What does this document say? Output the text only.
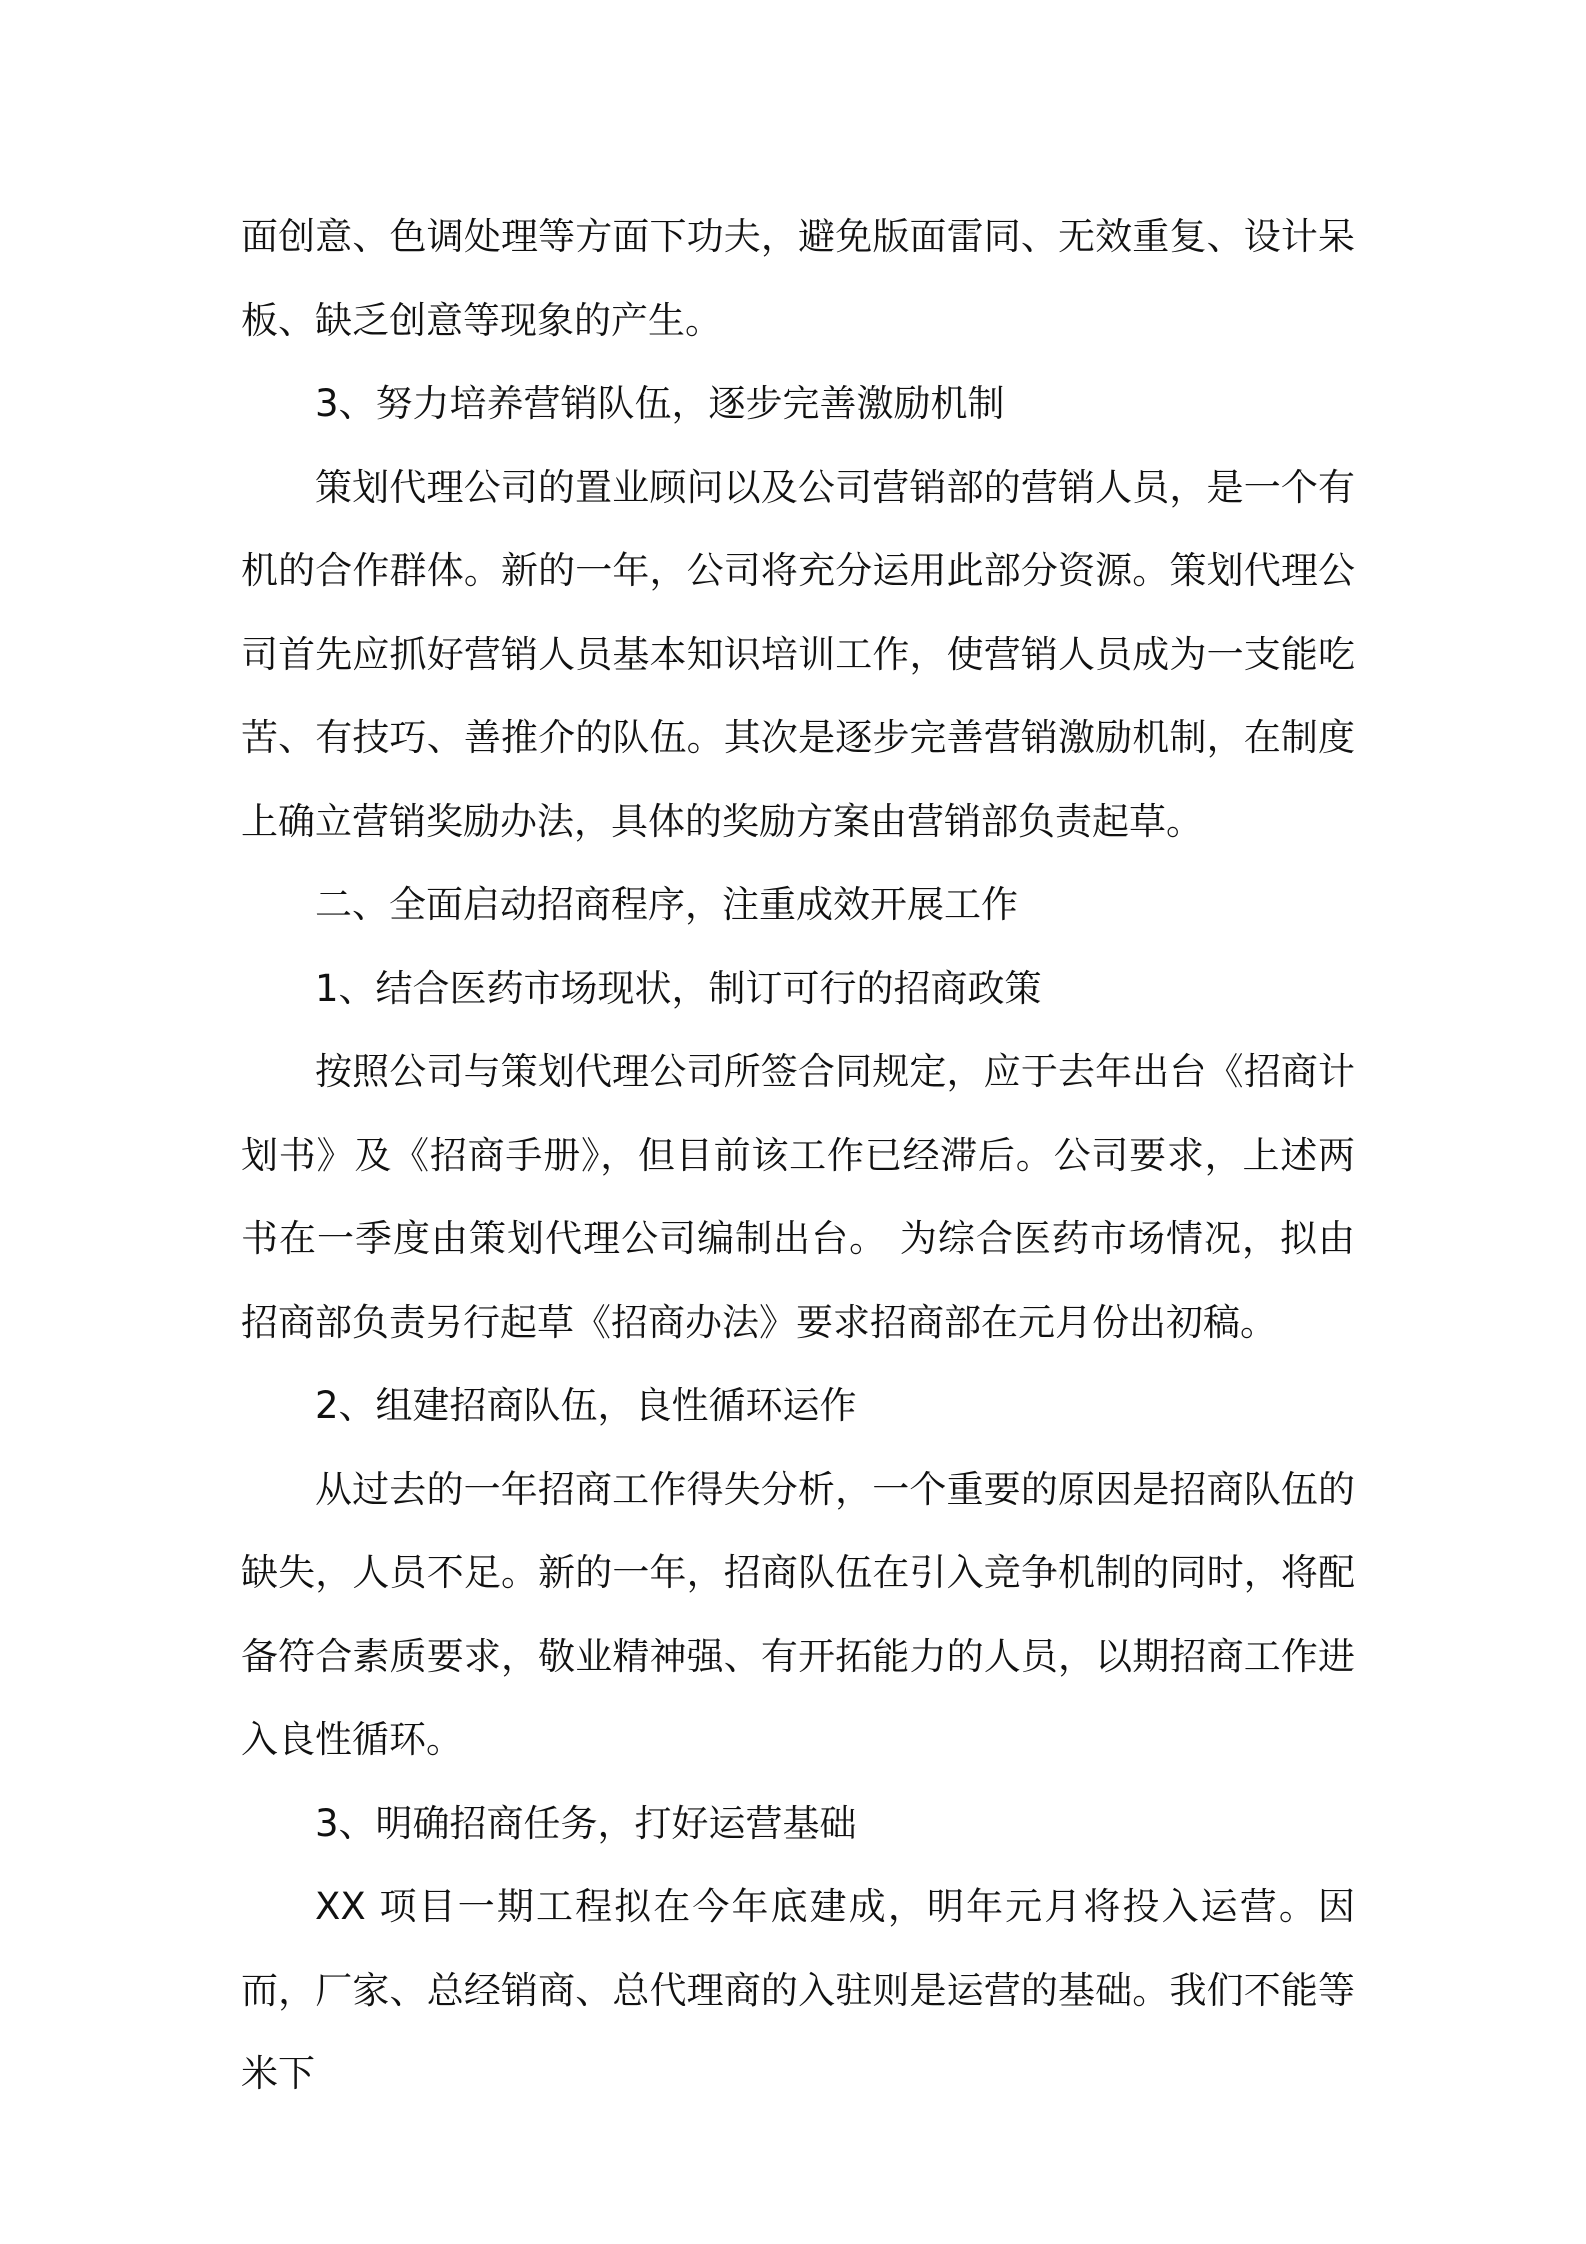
面创意、色调处理等方面下功夫，避免版面雷同、无效重复、设计呆板、缺乏创意等现象的产生。

3、努力培养营销队伍，逐步完善激励机制

策划代理公司的置业顾问以及公司营销部的营销人员，是一个有机的合作群体。新的一年，公司将充分运用此部分资源。策划代理公司首先应抓好营销人员基本知识培训工作，使营销人员成为一支能吃苦、有技巧、善推介的队伍。其次是逐步完善营销激励机制，在制度上确立营销奖励办法，具体的奖励方案由营销部负责起草。

二、全面启动招商程序，注重成效开展工作

1、结合医药市场现状，制订可行的招商政策

按照公司与策划代理公司所签合同规定，应于去年出台《招商计划书》及《招商手册》，但目前该工作已经滞后。公司要求，上述两书在一季度由策划代理公司编制出台。 为综合医药市场情况，拟由招商部负责另行起草《招商办法》要求招商部在元月份出初稿。

2、组建招商队伍，良性循环运作

从过去的一年招商工作得失分析，一个重要的原因是招商队伍的缺失，人员不足。新的一年，招商队伍在引入竞争机制的同时，将配备符合素质要求，敬业精神强、有开拓能力的人员，以期招商工作进入良性循环。

3、明确招商任务，打好运营基础

XX 项目一期工程拟在今年底建成，明年元月将投入运营。因而，厂家、总经销商、总代理商的入驻则是运营的基础。我们不能等米下
